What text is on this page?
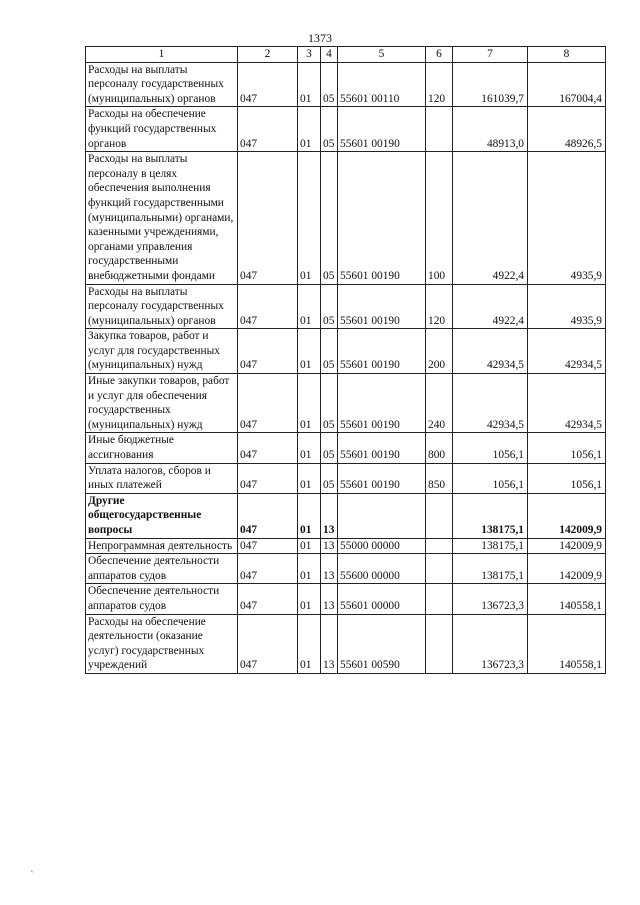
1373
1	2	3	4	5	6	7	8
Расходы на выплаты персоналу государственных (муниципальных) органов	047	01	05	55601 00110	120	161039,7	167004,4
Расходы на обеспечение функций государственных органов	047	01	05	55601 00190		48913,0	48926,5
Расходы на выплаты персоналу в целях обеспечения выполнения функций государственными (муниципальными) органами, казенными учреждениями, органами управления государственными внебюджетными фондами	047	01	05	55601 00190	100	4922,4	4935,9
Расходы на выплаты персоналу государственных (муниципальных) органов	047	01	05	55601 00190	120	4922,4	4935,9
Закупка товаров, работ и услуг для государственных (муниципальных) нужд	047	01	05	55601 00190	200	42934,5	42934,5
Иные закупки товаров, работ и услуг для обеспечения государственных (муниципальных) нужд	047	01	05	55601 00190	240	42934,5	42934,5
Иные бюджетные ассигнования	047	01	05	55601 00190	800	1056,1	1056,1
Уплата налогов, сборов и иных платежей	047	01	05	55601 00190	850	1056,1	1056,1
Другие общегосударственные вопросы	047	01	13			138175,1	142009,9
Непрограммная деятельность	047	01	13	55000 00000		138175,1	142009,9
Обеспечение деятельности аппаратов судов	047	01	13	55600 00000		138175,1	142009,9
Обеспечение деятельности аппаратов судов	047	01	13	55601 00000		136723,3	140558,1
Расходы на обеспечение деятельности (оказание услуг) государственных учреждений	047	01	13	55601 00590		136723,3	140558,1
`
